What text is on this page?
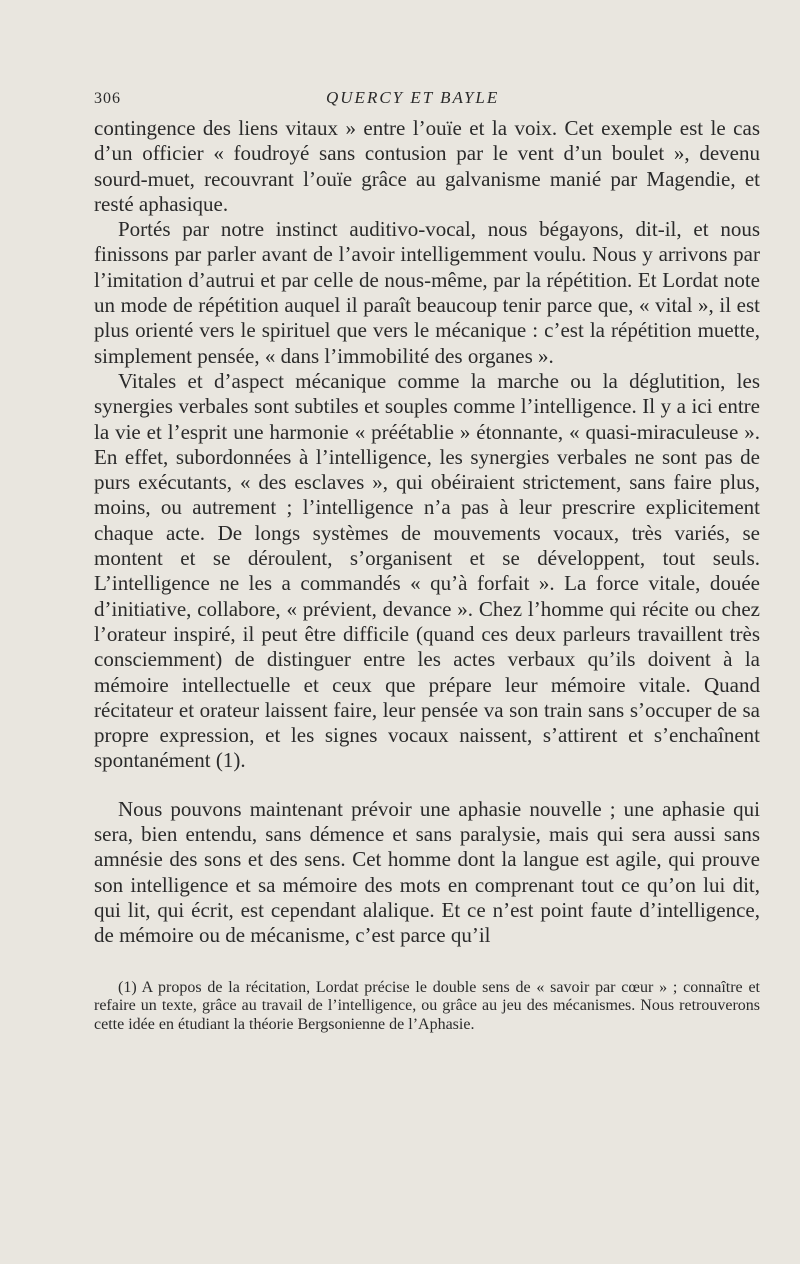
306	QUERCY ET BAYLE

contingence des liens vitaux » entre l’ouïe et la voix. Cet exemple est le cas d’un officier « foudroyé sans contusion par le vent d’un boulet », devenu sourd-muet, recouvrant l’ouïe grâce au galvanisme manié par Magendie, et resté aphasique.

Portés par notre instinct auditivo-vocal, nous bégayons, dit-il, et nous finissons par parler avant de l’avoir intelligemment voulu. Nous y arrivons par l’imitation d’autrui et par celle de nous-même, par la répétition. Et Lordat note un mode de répétition auquel il paraît beaucoup tenir parce que, « vital », il est plus orienté vers le spirituel que vers le mécanique : c’est la répétition muette, simplement pensée, « dans l’immobilité des organes ».

Vitales et d’aspect mécanique comme la marche ou la déglutition, les synergies verbales sont subtiles et souples comme l’intelligence. Il y a ici entre la vie et l’esprit une harmonie « préétablie » étonnante, « quasi-miraculeuse ». En effet, subordonnées à l’intelligence, les synergies verbales ne sont pas de purs exécutants, « des esclaves », qui obéiraient strictement, sans faire plus, moins, ou autrement ; l’intelligence n’a pas à leur prescrire explicitement chaque acte. De longs systèmes de mouvements vocaux, très variés, se montent et se déroulent, s’organisent et se développent, tout seuls. L’intelligence ne les a commandés « qu’à forfait ». La force vitale, douée d’initiative, collabore, « prévient, devance ». Chez l’homme qui récite ou chez l’orateur inspiré, il peut être difficile (quand ces deux parleurs travaillent très consciemment) de distinguer entre les actes verbaux qu’ils doivent à la mémoire intellectuelle et ceux que prépare leur mémoire vitale. Quand récitateur et orateur laissent faire, leur pensée va son train sans s’occuper de sa propre expression, et les signes vocaux naissent, s’attirent et s’enchaînent spontanément (1).

Nous pouvons maintenant prévoir une aphasie nouvelle ; une aphasie qui sera, bien entendu, sans démence et sans paralysie, mais qui sera aussi sans amnésie des sons et des sens. Cet homme dont la langue est agile, qui prouve son intelligence et sa mémoire des mots en comprenant tout ce qu’on lui dit, qui lit, qui écrit, est cependant alalique. Et ce n’est point faute d’intelligence, de mémoire ou de mécanisme, c’est parce qu’il

(1) A propos de la récitation, Lordat précise le double sens de « savoir par cœur » ; connaître et refaire un texte, grâce au travail de l’intelligence, ou grâce au jeu des mécanismes. Nous retrouverons cette idée en étudiant la théorie Bergsonienne de l’Aphasie.
